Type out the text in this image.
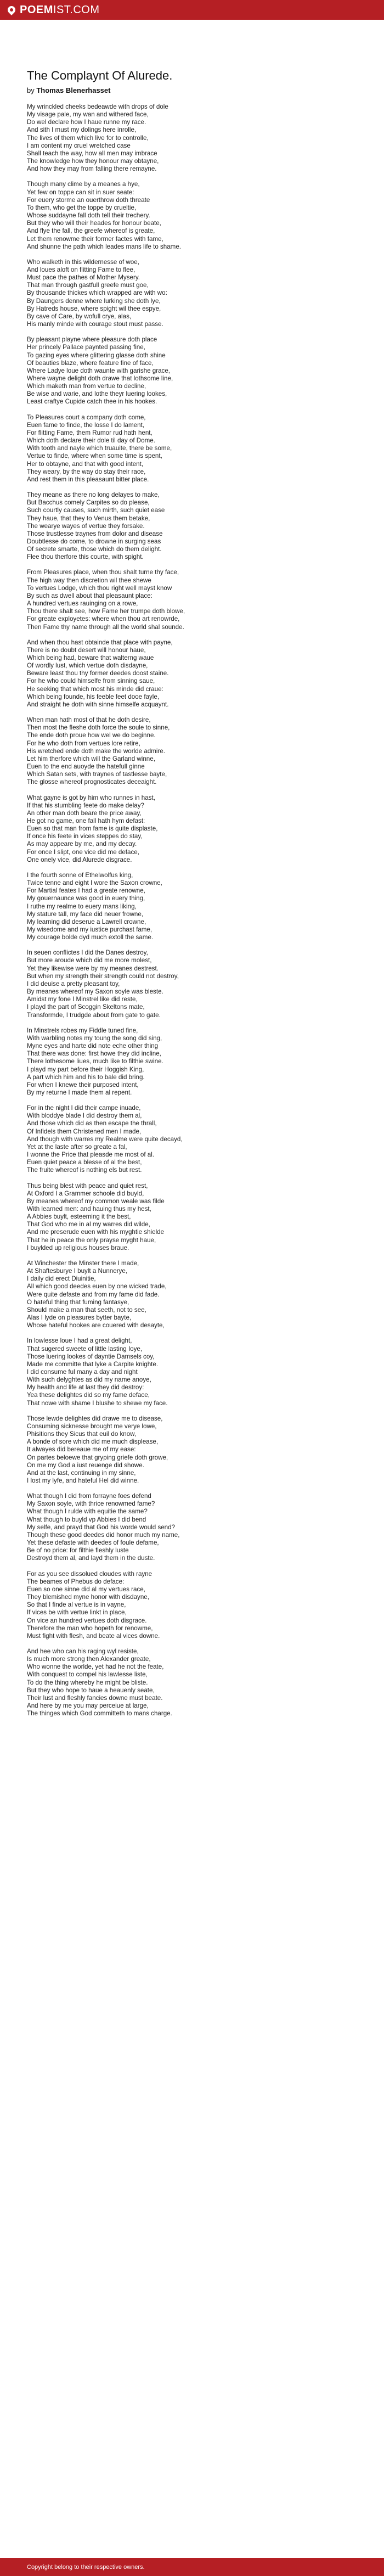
POEM IST.COM
The Complaynt Of Alurede.
by Thomas Blenerhasset
My wrinckled cheeks bedeawde with drops of dole
My visage pale, my wan and withered face,
Do wel declare how I haue runne my race.
And sith I must my dolings here inrolle,
The lives of them which live for to controlle,
I am content my cruel wretched case
Shall teach the way, how all men may imbrace
The knowledge how they honour may obtayne,
And how they may from falling there remayne.
Though many clime by a meanes a hye,
Yet few on toppe can sit in suer seate:
For euery storme an ouerthrow doth threate
To them, who get the toppe by crueltie,
Whose suddayne fall doth tell their trechery.
But they who will their heades for honour beate,
And flye the fall, the greefe whereof is greate,
Let them renowme their former factes with fame,
And shunne the path which leades mans life to shame.
Who walketh in this wildernesse of woe,
And loues aloft on flitting Fame to flee,
Must pace the pathes of Mother Mysery.
That man through gastfull greefe must goe,
By thousande thickes which wrapped are with wo:
By Daungers denne where lurking she doth lye,
By Hatreds house, where spight wil thee espye,
By cave of Care, by wofull crye, alas,
His manly minde with courage stout must passe.
By pleasant playne where pleasure doth place
Her princely Pallace paynted passing fine,
To gazing eyes where glittering glasse doth shine
Of beauties blaze, where feature fine of face,
Where Ladye loue doth waunte with garishe grace,
Where wayne delight doth drawe that lothsome line,
Which maketh man from vertue to decline,
Be wise and warie, and lothe theyr luering lookes,
Least craftye Cupide catch thee in his hookes.
To Pleasures court a company doth come,
Euen fame to finde, the losse I do lament,
For flitting Fame, them Rumor rud hath hent,
Which doth declare their dole til day of Dome.
With tooth and nayle which truauite, there be some,
Vertue to finde, where when some time is spent,
Her to obtayne, and that with good intent,
They weary, by the way do stay their race,
And rest them in this pleasaunt bitter place.
They meane as there no long delayes to make,
But Bacchus comely Carpites so do please,
Such courtly causes, such mirth, such quiet ease
They haue, that they to Venus them betake,
The wearye wayes of vertue they forsake.
Those trustlesse traynes from dolor and disease
Doubtlesse do come, to drowne in surging seas
Of secrete smarte, those which do them delight.
Flee thou therfore this courte, with spight.
From Pleasures place, when thou shalt turne thy face,
The high way then discretion wil thee shewe
To vertues Lodge, which thou right well mayst know
By such as dwell about that pleasaunt place:
A hundred vertues rauinging on a rowe,
Thou there shalt see, how Fame her trumpe doth blowe,
For greate exployetes: where when thou art renowrde,
Then Fame thy name through all the world shal sounde.
And when thou hast obtainde that place with payne,
There is no doubt desert will honour haue,
Which being had, beware that walterng waue
Of wordly lust, which vertue doth disdayne,
Beware least thou thy former deedes doost staine.
For he who could himselfe from sinning saue,
He seeking that which most his minde did craue:
Which being founde, his feeble feet dooe fayle,
And straight he doth with sinne himselfe acquaynt.
When man hath most of that he doth desire,
Then most the fleshe doth force the soule to sinne,
The ende doth proue how wel we do beginne.
For he who doth from vertues lore retire,
His wretched ende doth make the worlde admire.
Let him therfore which will the Garland winne,
Euen to the end auoyde the hatefull ginne
Which Satan sets, with traynes of tastlesse bayte,
The glosse whereof prognosticates deceaight.
What gayne is got by him who runnes in hast,
If that his stumbling feete do make delay?
An other man doth beare the price away,
He got no game, one fall hath hym defast:
Euen so that man from fame is quite displaste,
If once his feete in vices steppes do stay,
As may appeare by me, and my decay.
For once I slipt, one vice did me deface,
One onely vice, did Alurede disgrace.
I the fourth sonne of Ethelwolfus king,
Twice tenne and eight I wore the Saxon crowne,
For Martial feates I had a greate renowne,
My gouernaunce was good in euery thing,
I ruthe my realme to euery mans liking,
My stature tall, my face did neuer frowne,
My learning did deserue a Lawrell crowne,
My wisedome and my iustice purchast fame,
My courage bolde dyd much extoll the same.
In seuen conflictes I did the Danes destroy,
But more aroude which did me more molest,
Yet they likewise were by my meanes destrest.
But when my strength their strength could not destroy,
I did deuise a pretty pleasant toy,
By meanes whereof my Saxon soyle was bleste.
Amidst my fone I Minstrel like did reste,
I playd the part of Scoggin Skeltons mate,
Transformde, I trudgde about from gate to gate.
In Minstrels robes my Fiddle tuned fine,
With warbling notes my toung the song did sing,
Myne eyes and harte did note eche other thing
That there was done: first howe they did incline,
There lothesome liues, much like to filthie swine.
I playd my part before their Hoggish King,
A part which him and his to bale did bring.
For when I knewe their purposed intent,
By my returne I made them al repent.
For in the night I did their campe inuade,
With bloddye blade I did destroy them al,
And those which did as then escape the thrall,
Of Infidels them Christened men I made,
And though with warres my Realme were quite decayd,
Yet at the laste after so greate a fal,
I wonne the Price that pleasde me most of al.
Euen quiet peace a blesse of al the best,
The fruite whereof is nothing els but rest.
Thus being blest with peace and quiet rest,
At Oxford I a Grammer schoole did buyld,
By meanes whereof my common weale was filde
With learned men: and hauing thus my hest,
A Abbies buylt, esteeming it the best,
That God who me in al my warres did wilde,
And me preserude euen with his myghtie shielde
That he in peace the only prayse myght haue,
I buylded up religious houses braue.
At Winchester the Minster there I made,
At Shaftesburye I buylt a Nunnerye,
I daily did erect Diuinitie,
All which good deedes euen by one wicked trade,
Were quite defaste and from my fame did fade.
O hateful thing that fuming fantasye,
Should make a man that seeth, not to see,
Alas I lyde on pleasures bytter bayte,
Whose hateful hookes are couered with desayte,
In lowlesse loue I had a great delight,
That sugered sweete of little lasting Ioye,
Those luering lookes of dayntie Damsels coy,
Made me committe that lyke a Carpite knighte.
I did consume ful many a day and night
With such delyghtes as did my name anoye,
My health and life at last they did destroy:
Yea these delightes did so my fame deface,
That nowe with shame I blushe to shewe my face.
Those lewde delightes did drawe me to disease,
Consuming sicknesse brought me verye lowe,
Phisitions they Sicus that euil do know,
A bonde of sore which did me much displease,
It alwayes did bereaue me of my ease:
On partes beloewe that gryping griefe doth growe,
On me my God a iust reuenge did showe.
And at the last, continuing in my sinne,
I lost my lyfe, and hateful Hel did winne.
What though I did from forrayne foes defend
My Saxon soyle, with thrice renowmed fame?
What though I rulde with equitie the same?
What though to buyld vp Abbies I did bend
My selfe, and prayd that God his worde would send?
Though these good deedes did honor much my name,
Yet these defaste with deedes of foule defame,
Be of no price: for filthie fleshly luste
Destroyd them al, and layd them in the duste.
For as you see dissolued cloudes with rayne
The beames of Phebus do deface:
Euen so one sinne did al my vertues race,
They blemished myne honor with disdayne,
So that I finde al vertue is in vayne,
If vices be with vertue linkt in place,
On vice an hundred vertues doth disgrace.
Therefore the man who hopeth for renowme,
Must fight with flesh, and beate al vices downe.
And hee who can his raging wyl resiste,
Is much more strong then Alexander greate,
Who wonne the worlde, yet had he not the feate,
With conquest to compel his lawlesse liste,
To do the thing whereby he might be bliste.
But they who hope to haue a heauenly seate,
Their lust and fleshly fancies downe must beate.
And here by me you may perceiue at large,
The thinges which God committeth to mans charge.
Copyright belong to their respective owners.
